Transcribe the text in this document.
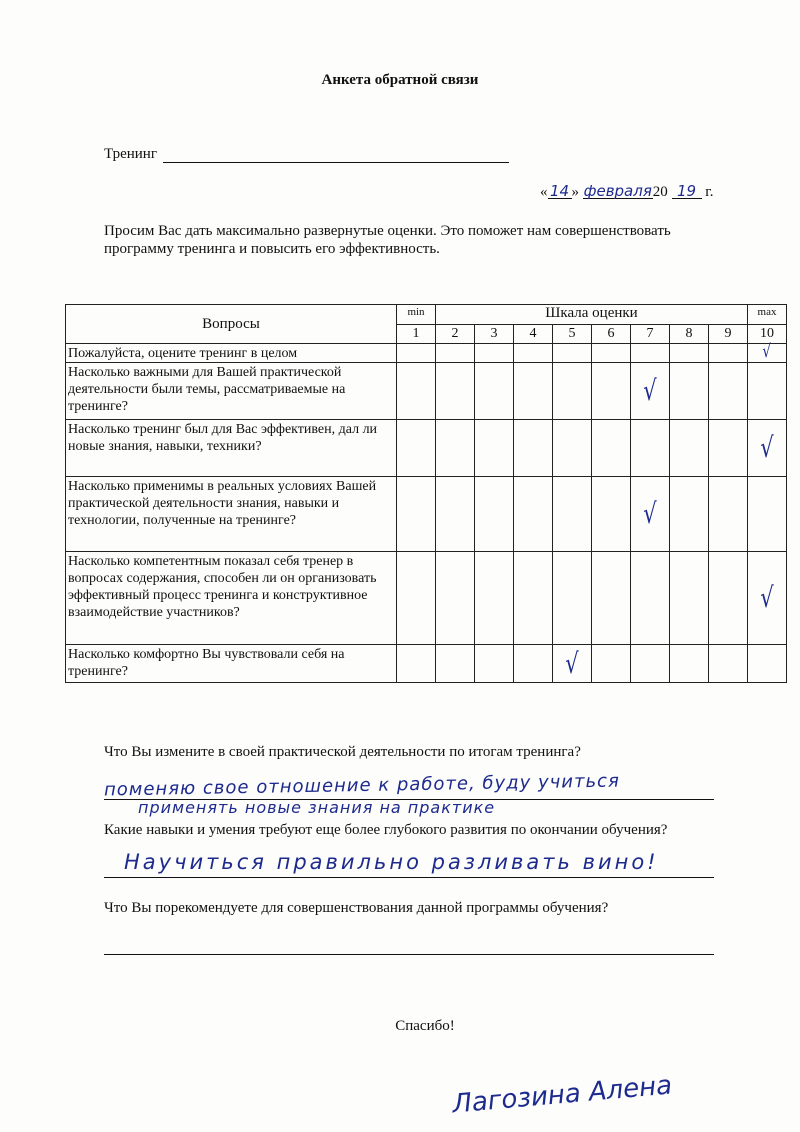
Анкета обратной связи
Тренинг
« 14 » февраля20 19 г.
Просим Вас дать максимально развернутые оценки. Это поможет нам совершенствовать программу тренинга и повысить его эффективность.
Вопросы	min	Шкала оценки								max
	1	2	3	4	5	6	7	8	9	10
Пожалуйста, оцените тренинг в целом										√
Насколько важными для Вашей практической деятельности были темы, рассматриваемые на тренинге?							√			
Насколько тренинг был для Вас эффективен, дал ли новые знания, навыки, техники?										√
Насколько применимы в реальных условиях Вашей практической деятельности знания, навыки и технологии, полученные на тренинге?							√			
Насколько компетентным показал себя тренер в вопросах содержания, способен ли он организовать эффективный процесс тренинга и конструктивное взаимодействие участников?										√
Насколько комфортно Вы чувствовали себя на тренинге?					√					
Что Вы измените в своей практической деятельности по итогам тренинга?
поменяю свое отношение к работе, буду учиться
применять новые знания на практике
Какие навыки и умения требуют еще более глубокого развития по окончании обучения?
Научиться правильно разливать вино!
Что Вы порекомендуете для совершенствования данной программы обучения?
Спасибо!
Лагозина Алена
